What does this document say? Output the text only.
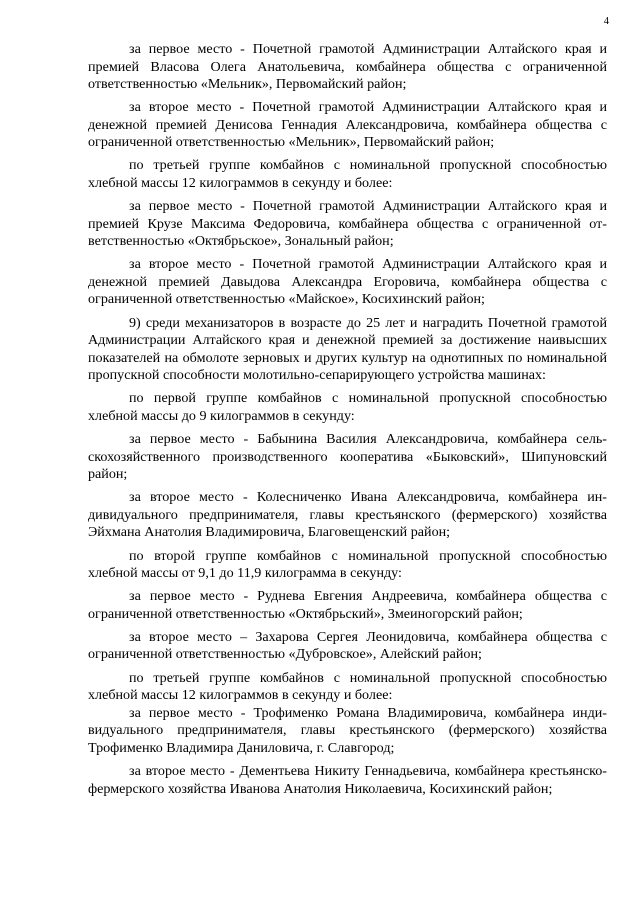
4

за первое место - Почетной грамотой Администрации Алтайского края и премией Власова Олега Анатольевича, комбайнера общества с ограниченной ответственностью «Мельник», Первомайский район;

за второе место - Почетной грамотой Администрации Алтайского края и денежной премией Денисова Геннадия Александровича, комбайнера общества с ограниченной ответственностью «Мельник», Первомайский район;

по третьей группе комбайнов с номинальной пропускной способностью хлебной массы 12 килограммов в секунду и более:

за первое место - Почетной грамотой Администрации Алтайского края и премией Крузе Максима Федоровича, комбайнера общества с ограниченной ответственностью «Октябрьское», Зональный район;

за второе место - Почетной грамотой Администрации Алтайского края и денежной премией Давыдова Александра Егоровича, комбайнера общества с ограниченной ответственностью «Майское», Косихинский район;

9) среди механизаторов в возрасте до 25 лет и наградить Почетной грамотой Администрации Алтайского края и денежной премией за достижение наивысших показателей на обмолоте зерновых и других культур на однотипных по номинальной пропускной способности молотильно-сепарирующего устройства машинах:

по первой группе комбайнов с номинальной пропускной способностью хлебной массы до 9 килограммов в секунду:

за первое место - Бабынина Василия Александровича, комбайнера сельскохозяйственного производственного кооператива «Быковский», Шипуновский район;

за второе место - Колесниченко Ивана Александровича, комбайнера индивидуального предпринимателя, главы крестьянского (фермерского) хозяйства Эйхмана Анатолия Владимировича, Благовещенский район;

по второй группе комбайнов с номинальной пропускной способностью хлебной массы от 9,1 до 11,9 килограмма в секунду:

за первое место - Руднева Евгения Андреевича, комбайнера общества с ограниченной ответственностью «Октябрьский», Змеиногорский район;

за второе место – Захарова Сергея Леонидовича, комбайнера общества с ограниченной ответственностью «Дубровское», Алейский район;

по третьей группе комбайнов с номинальной пропускной способностью хлебной массы 12 килограммов в секунду и более:

за первое место - Трофименко Романа Владимировича, комбайнера индивидуального предпринимателя, главы крестьянского (фермерского) хозяйства Трофименко Владимира Даниловича, г. Славгород;

за второе место - Дементьева Никиту Геннадьевича, комбайнера крестьянско-фермерского хозяйства Иванова Анатолия Николаевича, Косихинский район;
